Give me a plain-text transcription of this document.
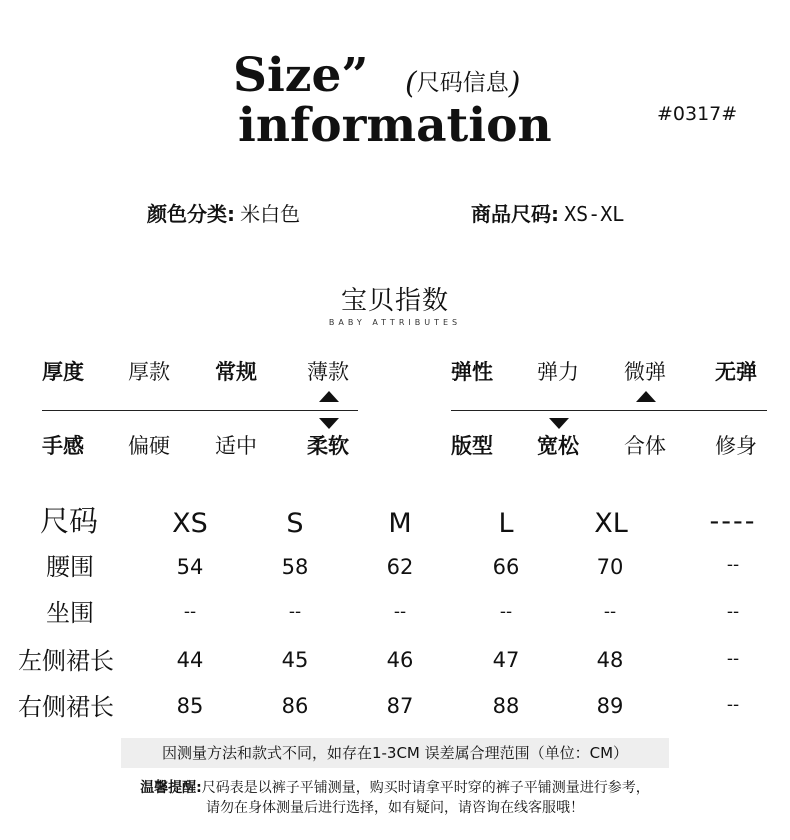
Size”
information
(尺码信息)
#0317#
颜色分类: 米白色	商品尺码: XS-XL
宝贝指数
BABY ATTRIBUTES
厚度 厚款 常规 薄款
手感 偏硬 适中 柔软
弹性 弹力 微弹 无弹
版型 宽松 合体 修身
尺码	XS	S	M	L	XL	----
腰围	54	58	62	66	70	--
坐围	--	--	--	--	--	--
左侧裙长	44	45	46	47	48	--
右侧裙长	85	86	87	88	89	--
因测量方法和款式不同，如存在1-3CM 误差属合理范围（单位：CM）
温馨提醒:尺码表是以裤子平铺测量，购买时请拿平时穿的裤子平铺测量进行参考，
请勿在身体测量后进行选择，如有疑问，请咨询在线客服哦！
